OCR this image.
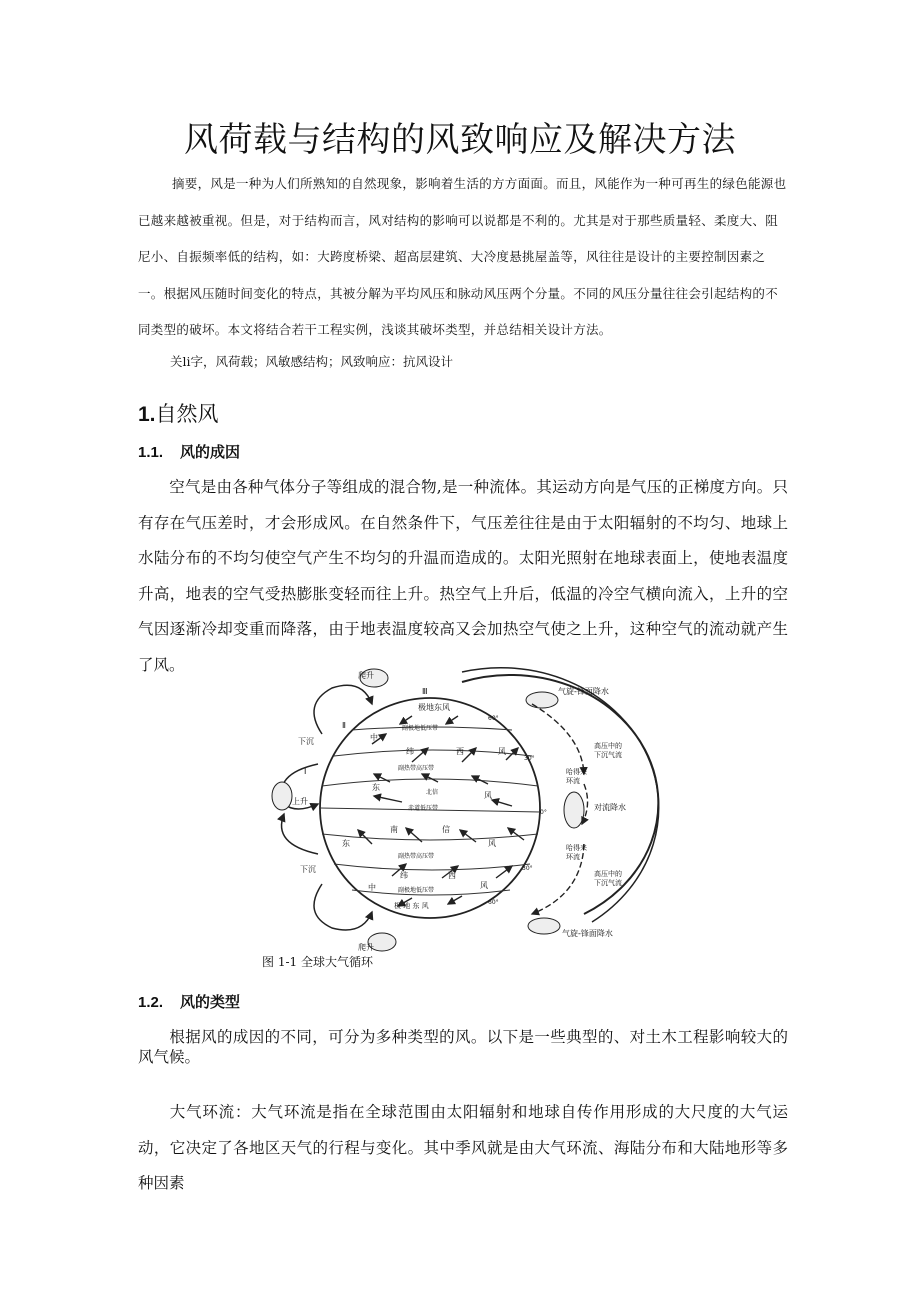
风荷载与结构的风致响应及解决方法

摘要，风是一种为人们所熟知的自然现象，影响着生活的方方面面。而且，风能作为一种可再生的绿色能源也已越来越被重视。但是，对于结构而言，风对结构的影响可以说都是不利的。尤其是对于那些质量轻、柔度大、阻尼小、自振频率低的结构，如：大跨度桥梁、超高层建筑、大冷度悬挑屋盖等，风往往是设计的主要控制因素之一。根据风压随时间变化的特点，其被分解为平均风压和脉动风压两个分量。不同的风压分量往往会引起结构的不同类型的破坏。本文将结合若干工程实例，浅谈其破坏类型，并总结相关设计方法。

关li字，风荷载；风敏感结构；风致响应：抗风设计

1.自然风
1.1. 风的成因

空气是由各种气体分子等组成的混合物,是一种流体。其运动方向是气压的正梯度方向。只有存在气压差时，才会形成风。在自然条件下，气压差往往是由于太阳辐射的不均匀、地球上水陆分布的不均匀使空气产生不均匀的升温而造成的。太阳光照射在地球表面上，使地表温度升高，地表的空气受热膨胀变轻而往上升。热空气上升后，低温的冷空气横向流入，上升的空气因逐渐冷却变重而降落，由于地表温度较高又会加热空气使之上升，这种空气的流动就产生了风。

爬升
下沉
上升
下沉
爬升
Ⅱ
Ⅲ
Ⅰ
极地东风
副极地低压带
中
纬	西	风
副热带高压带
东
北信	风
赤道低压带
东
南	信
风
副热带高压带
中
纬	西
副极地低压带
风
极 地 东 风
60°
30°
0°
30°
60°
气旋-锋面降水
高压中的下沉气流
哈得来环流
对流降水
哈得来环流
高压中的下沉气流
气旋-锋面降水

图 1-1 全球大气循环

1.2. 风的类型

根据风的成因的不同，可分为多种类型的风。以下是一些典型的、对土木工程影响较大的风气候。

大气环流：大气环流是指在全球范围由太阳辐射和地球自传作用形成的大尺度的大气运动，它决定了各地区天气的行程与变化。其中季风就是由大气环流、海陆分布和大陆地形等多种因素
